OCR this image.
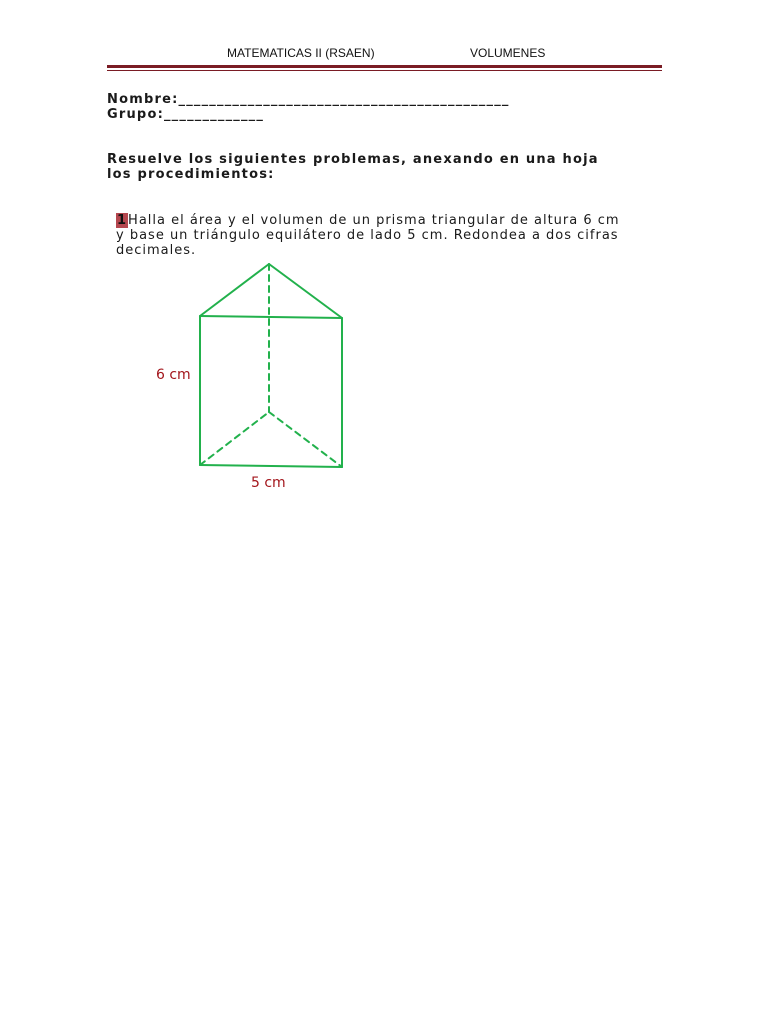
MATEMATICAS II (RSAEN)	VOLUMENES
Nombre:___________________________________________
Grupo:_____________
Resuelve los siguientes problemas, anexando en una hoja los procedimientos:
1Halla el área y el volumen de un prisma triangular de altura 6 cm y base un triángulo equilátero de lado 5 cm. Redondea a dos cifras decimales.
6 cm
5 cm
